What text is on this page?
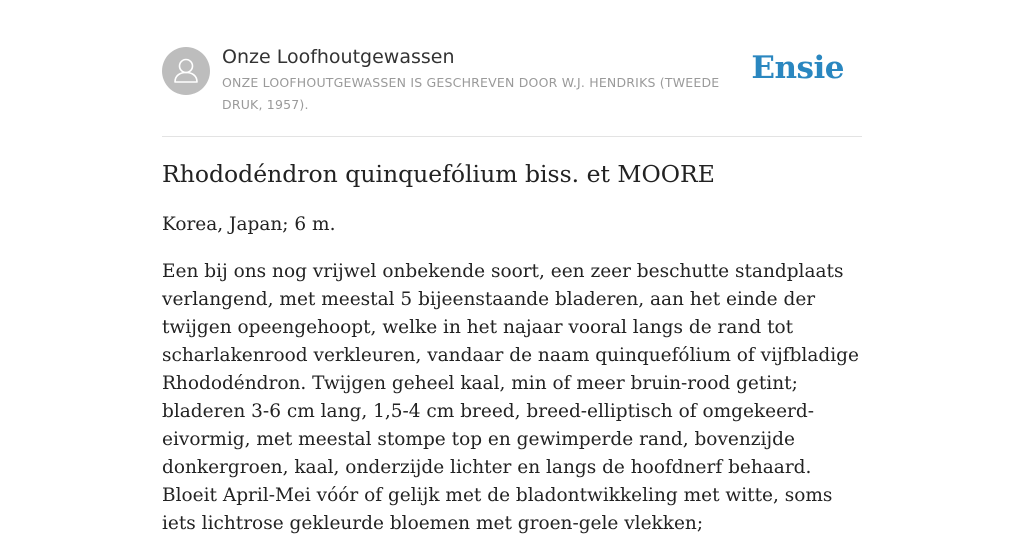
Onze Loofhoutgewassen
ONZE LOOFHOUTGEWASSEN IS GESCHREVEN DOOR W.J. HENDRIKS (TWEEDE DRUK, 1957).
Ensie
Rhododéndron quinquefólium biss. et MOORE

Korea, Japan; 6 m.

Een bij ons nog vrijwel onbekende soort, een zeer beschutte standplaats verlangend, met meestal 5 bijeenstaande bladeren, aan het einde der twijgen opeengehoopt, welke in het najaar vooral langs de rand tot scharlakenrood verkleuren, vandaar de naam quinquefólium of vijfbladige Rhododéndron. Twijgen geheel kaal, min of meer bruin-rood getint; bladeren 3-6 cm lang, 1,5-4 cm breed, breed-elliptisch of omgekeerd-eivormig, met meestal stompe top en gewimperde rand, bovenzijde donkergroen, kaal, onderzijde lichter en langs de hoofdnerf behaard. Bloeit April-Mei vóór of gelijk met de bladontwikkeling met witte, soms iets lichtrose gekleurde bloemen met groen-gele vlekken;
